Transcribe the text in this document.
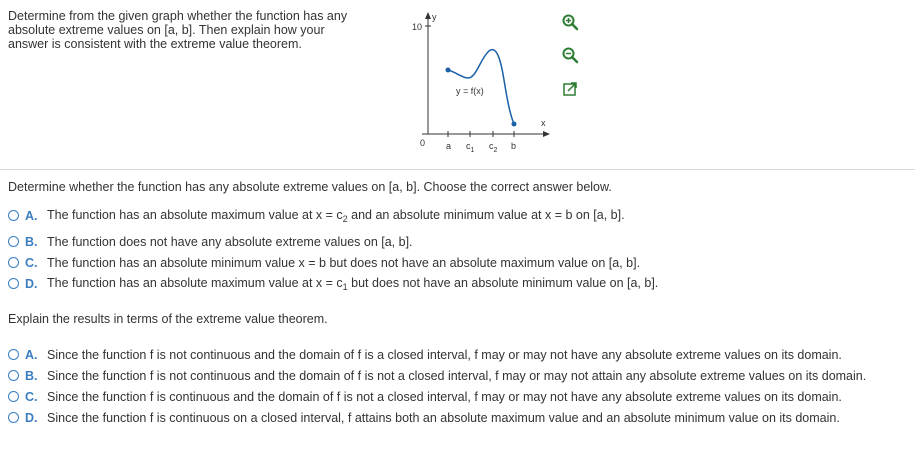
Determine from the given graph whether the function has any
absolute extreme values on [a, b]. Then explain how your
answer is consistent with the extreme value theorem.
10
y
x
0 a $c_1$ $c_2$ b
y = f(x)
Determine whether the function has any absolute extreme values on [a, b]. Choose the correct answer below.
A. The function has an absolute maximum value at $x = c_2$ and an absolute minimum value at x = b on [a, b].
B. The function does not have any absolute extreme values on [a, b].
C. The function has an absolute minimum value x = b but does not have an absolute maximum value on [a, b].
D. The function has an absolute maximum value at $x = c_1$ but does not have an absolute minimum value on [a, b].
Explain the results in terms of the extreme value theorem.
A. Since the function f is not continuous and the domain of f is a closed interval, f may or may not have any absolute extreme values on its domain.
B. Since the function f is not continuous and the domain of f is not a closed interval, f may or may not attain any absolute extreme values on its domain.
C. Since the function f is continuous and the domain of f is not a closed interval, f may or may not have any absolute extreme values on its domain.
D. Since the function f is continuous on a closed interval, f attains both an absolute maximum value and an absolute minimum value on its domain.
